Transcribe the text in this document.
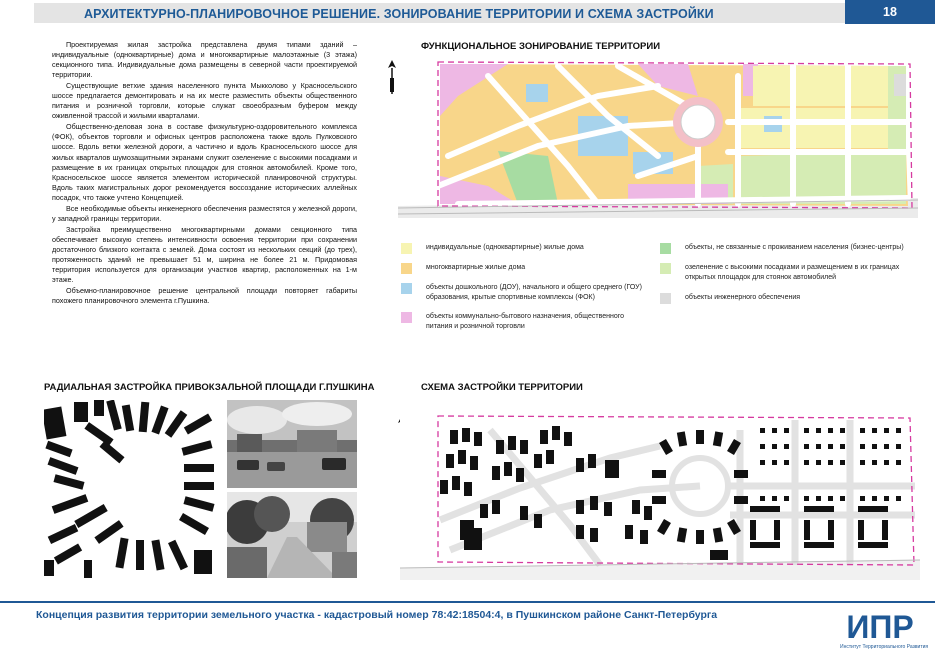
АРХИТЕКТУРНО-ПЛАНИРОВОЧНОЕ РЕШЕНИЕ. ЗОНИРОВАНИЕ ТЕРРИТОРИИ И СХЕМА ЗАСТРОЙКИ	18

Проектируемая жилая застройка представлена двумя типами зданий – индивидуальные (одноквартирные) дома и многоквартирные малоэтажные (3 этажа) секционного типа. Индивидуальные дома размещены в северной части проектируемой территории.

Существующие ветхие здания населенного пункта Мыкколово у Красносельского шоссе предлагается демонтировать и на их месте разместить объекты общественного питания и розничной торговли, которые служат своеобразным буфером между оживленной трассой и жилыми кварталами.

Общественно-деловая зона в составе физкультурно-оздоровительного комплекса (ФОК), объектов торговли и офисных центров расположена также вдоль Пулковского шоссе. Вдоль ветки железной дороги, а частично и вдоль Красносельского шоссе для жилых кварталов шумозащитными экранами служит озеленение с высокими посадками и размещение в их границах открытых площадок для стоянок автомобилей. Кроме того, Красносельское шоссе является элементом исторической планировочной структуры. Вдоль таких магистральных дорог рекомендуется воссоздание исторических аллейных посадок, что также учтено Концепцией.

Все необходимые объекты инженерного обеспечения разместятся у железной дороги, у западной границы территории.

Застройка преимущественно многоквартирными домами секционного типа обеспечивает высокую степень интенсивности освоения территории при сохранении достаточного близкого контакта с землей. Дома состоят из нескольких секций (до трех), протяженность зданий не превышает 51 м, ширина не более 21 м. Придомовая территория используется для организации участков квартир, расположенных на 1-м этаже.

Объемно-планировочное решение центральной площади повторяет габариты похожего планировочного элемента г.Пушкина.

ФУНКЦИОНАЛЬНОЕ ЗОНИРОВАНИЕ ТЕРРИТОРИИ
индивидуальные (одноквартирные) жилые дома
многоквартирные жилые дома
объекты дошкольного (ДОУ), начального и общего среднего (ГОУ) образования, крытые спортивные комплексы (ФОК)
объекты коммунально-бытового назначения, общественного питания и розничной торговли
объекты, не связанные с проживанием населения (бизнес-центры)
озеленение с высокими посадками и размещением в их границах открытых площадок для стоянок автомобилей
объекты инженерного обеспечения
РАДИАЛЬНАЯ ЗАСТРОЙКА ПРИВОКЗАЛЬНОЙ ПЛОЩАДИ Г.ПУШКИНА	СХЕМА ЗАСТРОЙКИ ТЕРРИТОРИИ
Концепция развития территории земельного участка - кадастровый номер 78:42:18504:4, в Пушкинском районе Санкт-Петербурга	ИПР
Институт Территориального Развития
